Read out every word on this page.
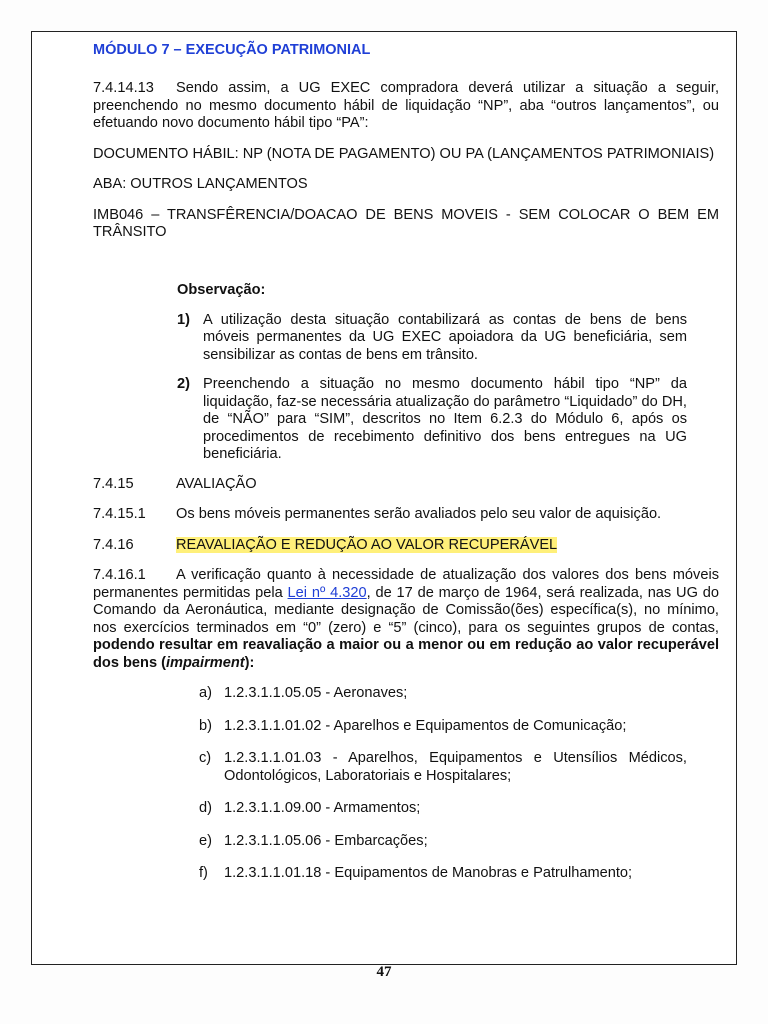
MÓDULO 7 – EXECUÇÃO PATRIMONIAL

7.4.14.13 Sendo assim, a UG EXEC compradora deverá utilizar a situação a seguir, preenchendo no mesmo documento hábil de liquidação “NP”, aba “outros lançamentos”, ou efetuando novo documento hábil tipo “PA”:

DOCUMENTO HÁBIL: NP (NOTA DE PAGAMENTO) OU PA (LANÇAMENTOS PATRIMONIAIS)

ABA: OUTROS LANÇAMENTOS

IMB046 – TRANSFÊRENCIA/DOACAO DE BENS MOVEIS - SEM COLOCAR O BEM EM TRÂNSITO

Observação:
1) A utilização desta situação contabilizará as contas de bens de bens móveis permanentes da UG EXEC apoiadora da UG beneficiária, sem sensibilizar as contas de bens em trânsito.
2) Preenchendo a situação no mesmo documento hábil tipo “NP” da liquidação, faz-se necessária atualização do parâmetro “Liquidado” do DH, de “NÃO” para “SIM”, descritos no Item 6.2.3 do Módulo 6, após os procedimentos de recebimento definitivo dos bens entregues na UG beneficiária.

7.4.15	AVALIAÇÃO

7.4.15.1 Os bens móveis permanentes serão avaliados pelo seu valor de aquisição.

7.4.16	REAVALIAÇÃO E REDUÇÃO AO VALOR RECUPERÁVEL

7.4.16.1 A verificação quanto à necessidade de atualização dos valores dos bens móveis permanentes permitidas pela Lei nº 4.320, de 17 de março de 1964, será realizada, nas UG do Comando da Aeronáutica, mediante designação de Comissão(ões) específica(s), no mínimo, nos exercícios terminados em “0” (zero) e “5” (cinco), para os seguintes grupos de contas, podendo resultar em reavaliação a maior ou a menor ou em redução ao valor recuperável dos bens (impairment):

a) 1.2.3.1.1.05.05 - Aeronaves;
b) 1.2.3.1.1.01.02 - Aparelhos e Equipamentos de Comunicação;
c) 1.2.3.1.1.01.03 - Aparelhos, Equipamentos e Utensílios Médicos, Odontológicos, Laboratoriais e Hospitalares;
d) 1.2.3.1.1.09.00 - Armamentos;
e) 1.2.3.1.1.05.06 - Embarcações;
f)	1.2.3.1.1.01.18 - Equipamentos de Manobras e Patrulhamento;
47
